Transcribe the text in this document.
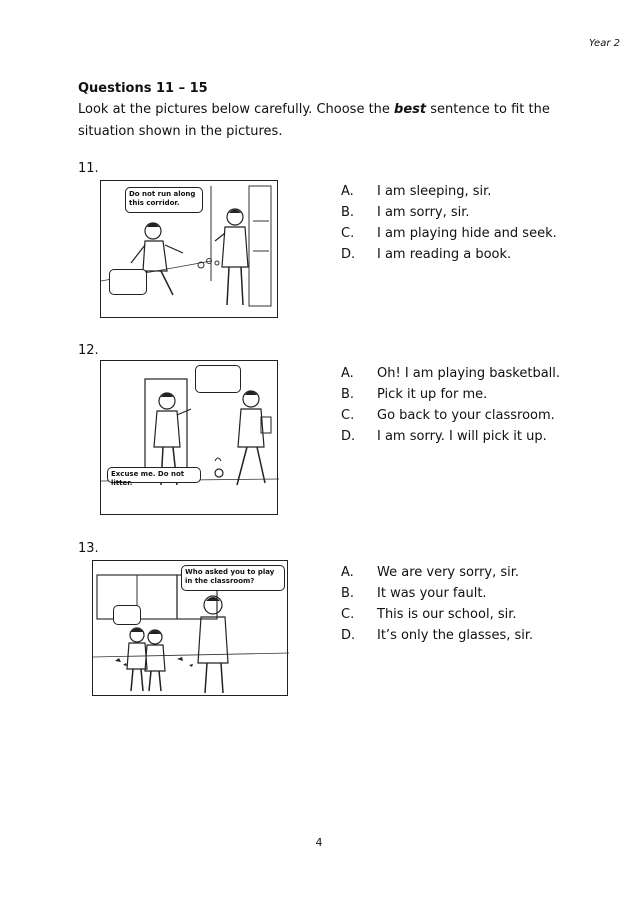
Year 2
Questions 11 – 15
Look at the pictures below carefully. Choose the best sentence to fit the situation shown in the pictures.
11.
Do not run along this corridor.
A. I am sleeping, sir.
B. I am sorry, sir.
C. I am playing hide and seek.
D. I am reading a book.
12.
Excuse me. Do not litter.
A. Oh! I am playing basketball.
B. Pick it up for me.
C. Go back to your classroom.
D. I am sorry. I will pick it up.
13.
Who asked you to play in the classroom?
A. We are very sorry, sir.
B. It was your fault.
C. This is our school, sir.
D. It’s only the glasses, sir.
4
